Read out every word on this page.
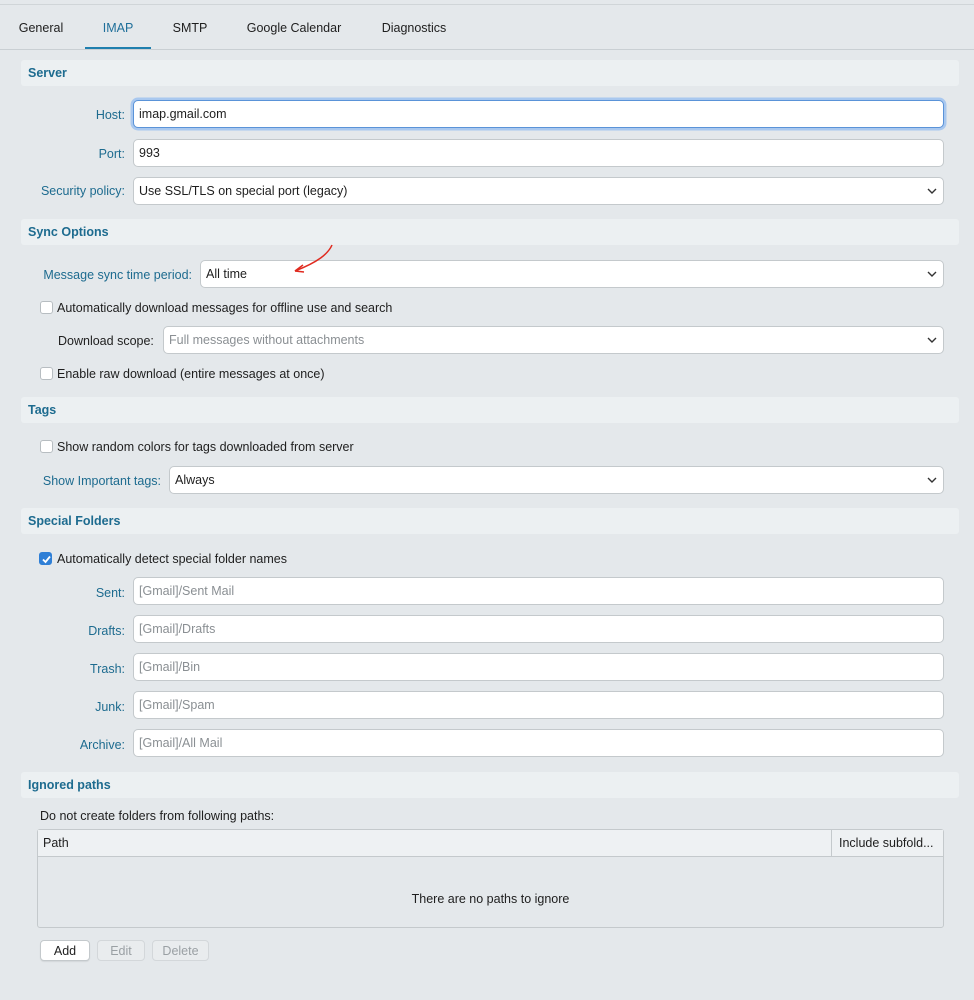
General	IMAP	SMTP	Google Calendar	Diagnostics
Server
Host:	imap.gmail.com
Port:	993
Security policy:	Use SSL/TLS on special port (legacy)
Sync Options
Message sync time period:	All time
Automatically download messages for offline use and search
Download scope:	Full messages without attachments
Enable raw download (entire messages at once)
Tags
Show random colors for tags downloaded from server
Show Important tags:	Always
Special Folders
Automatically detect special folder names
Sent:	[Gmail]/Sent Mail
Drafts:	[Gmail]/Drafts
Trash:	[Gmail]/Bin
Junk:	[Gmail]/Spam
Archive:	[Gmail]/All Mail
Ignored paths
Do not create folders from following paths:
Path	Include subfold...
There are no paths to ignore
Add	Edit	Delete
